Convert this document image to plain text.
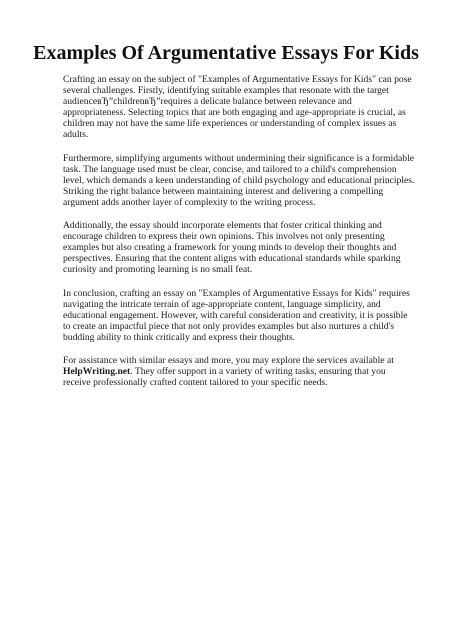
Examples Of Argumentative Essays For Kids

Crafting an essay on the subject of "Examples of Argumentative Essays for Kids" can pose several challenges. Firstly, identifying suitable examples that resonate with the target audienceвЂ”childrenвЂ”requires a delicate balance between relevance and appropriateness. Selecting topics that are both engaging and age-appropriate is crucial, as children may not have the same life experiences or understanding of complex issues as adults.

Furthermore, simplifying arguments without undermining their significance is a formidable task. The language used must be clear, concise, and tailored to a child's comprehension level, which demands a keen understanding of child psychology and educational principles. Striking the right balance between maintaining interest and delivering a compelling argument adds another layer of complexity to the writing process.

Additionally, the essay should incorporate elements that foster critical thinking and encourage children to express their own opinions. This involves not only presenting examples but also creating a framework for young minds to develop their thoughts and perspectives. Ensuring that the content aligns with educational standards while sparking curiosity and promoting learning is no small feat.

In conclusion, crafting an essay on "Examples of Argumentative Essays for Kids" requires navigating the intricate terrain of age-appropriate content, language simplicity, and educational engagement. However, with careful consideration and creativity, it is possible to create an impactful piece that not only provides examples but also nurtures a child's budding ability to think critically and express their thoughts.

For assistance with similar essays and more, you may explore the services available at
HelpWriting.net. They offer support in a variety of writing tasks, ensuring that you receive professionally crafted content tailored to your specific needs.
